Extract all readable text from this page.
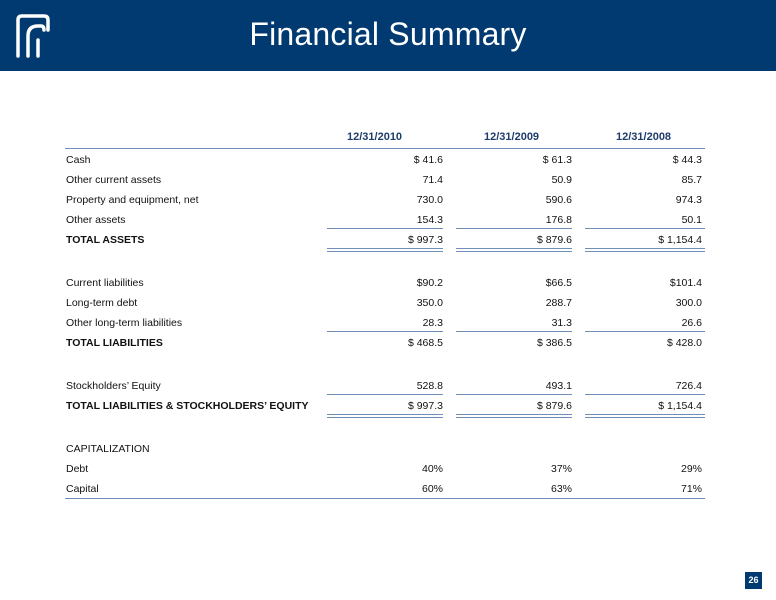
Financial Summary
12/31/2010	12/31/2009	12/31/2008
Cash	$ 41.6	$ 61.3	$ 44.3
Other current assets	71.4	50.9	85.7
Property and equipment, net	730.0	590.6	974.3
Other assets	154.3	176.8	50.1
TOTAL ASSETS	$ 997.3	$ 879.6	$ 1,154.4
Current liabilities	$90.2	$66.5	$101.4
Long-term debt	350.0	288.7	300.0
Other long-term liabilities	28.3	31.3	26.6
TOTAL LIABILITIES	$ 468.5	$ 386.5	$ 428.0
Stockholders’ Equity	528.8	493.1	726.4
TOTAL LIABILITIES & STOCKHOLDERS’ EQUITY	$ 997.3	$ 879.6	$ 1,154.4
CAPITALIZATION
Debt	40%	37%	29%
Capital	60%	63%	71%
26
